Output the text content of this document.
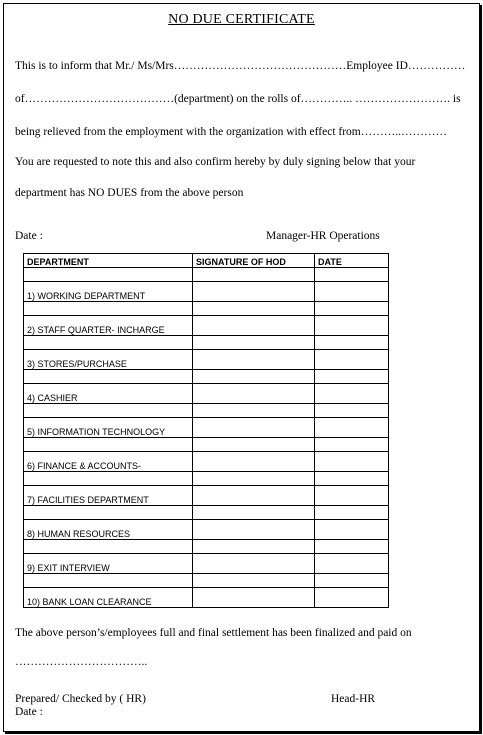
NO DUE CERTIFICATE
This is to inform that Mr./ Ms/Mrs………………………………………Employee ID……………
of…………………………………(department) on the rolls of………….. ……………………. is
being relieved from the employment with the organization with effect from………..…………
You are requested to note this and also confirm hereby by duly signing below that your
department has NO DUES from the above person
Date :	Manager-HR Operations
DEPARTMENT	SIGNATURE OF HOD	DATE

1) WORKING DEPARTMENT		

2) STAFF QUARTER- INCHARGE		

3) STORES/PURCHASE		

4) CASHIER		

5) INFORMATION TECHNOLOGY		

6) FINANCE & ACCOUNTS-		

7) FACILITIES DEPARTMENT		

8) HUMAN RESOURCES		

9) EXIT INTERVIEW		

10) BANK LOAN CLEARANCE		
The above person’s/employees full and final settlement has been finalized and paid on
……………………………..
Prepared/ Checked by ( HR)	Head-HR
Date :
